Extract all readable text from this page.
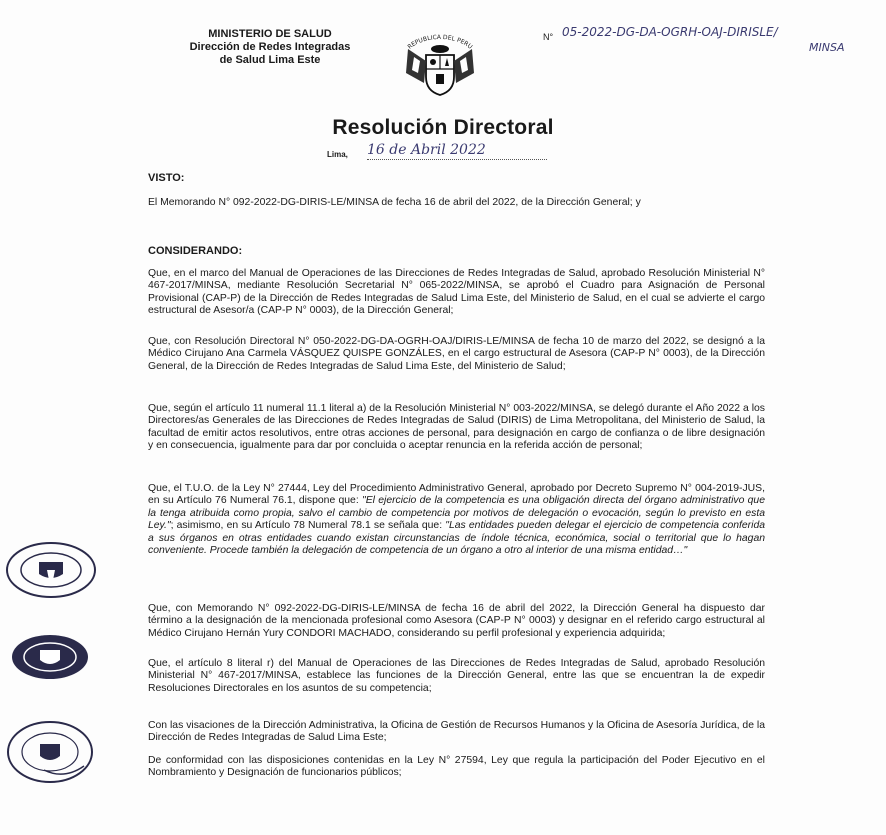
MINISTERIO DE SALUD
Dirección de Redes Integradas
de Salud Lima Este
REPUBLICA DEL PERU
N° 05-2022-DG-DA-OGRH-OAJ-DIRISLE/
MINSA
Resolución Directoral
Lima, 16 de Abril 2022
VISTO:
El Memorando N° 092-2022-DG-DIRIS-LE/MINSA de fecha 16 de abril del 2022, de la Dirección General; y
CONSIDERANDO:
Que, en el marco del Manual de Operaciones de las Direcciones de Redes Integradas de Salud, aprobado Resolución Ministerial N° 467-2017/MINSA, mediante Resolución Secretarial N° 065-2022/MINSA, se aprobó el Cuadro para Asignación de Personal Provisional (CAP-P) de la Dirección de Redes Integradas de Salud Lima Este, del Ministerio de Salud, en el cual se advierte el cargo estructural de Asesor/a (CAP-P N° 0003), de la Dirección General;
Que, con Resolución Directoral N° 050-2022-DG-DA-OGRH-OAJ/DIRIS-LE/MINSA de fecha 10 de marzo del 2022, se designó a la Médico Cirujano Ana Carmela VÁSQUEZ QUISPE GONZÁLES, en el cargo estructural de Asesora (CAP-P N° 0003), de la Dirección General, de la Dirección de Redes Integradas de Salud Lima Este, del Ministerio de Salud;
Que, según el artículo 11 numeral 11.1 literal a) de la Resolución Ministerial N° 003-2022/MINSA, se delegó durante el Año 2022 a los Directores/as Generales de las Direcciones de Redes Integradas de Salud (DIRIS) de Lima Metropolitana, del Ministerio de Salud, la facultad de emitir actos resolutivos, entre otras acciones de personal, para designación en cargo de confianza o de libre designación y en consecuencia, igualmente para dar por concluida o aceptar renuncia en la referida acción de personal;
Que, el T.U.O. de la Ley N° 27444, Ley del Procedimiento Administrativo General, aprobado por Decreto Supremo N° 004-2019-JUS, en su Artículo 76 Numeral 76.1, dispone que: "El ejercicio de la competencia es una obligación directa del órgano administrativo que la tenga atribuida como propia, salvo el cambio de competencia por motivos de delegación o evocación, según lo previsto en esta Ley."; asimismo, en su Artículo 78 Numeral 78.1 se señala que: "Las entidades pueden delegar el ejercicio de competencia conferida a sus órganos en otras entidades cuando existan circunstancias de índole técnica, económica, social o territorial que lo hagan conveniente. Procede también la delegación de competencia de un órgano a otro al interior de una misma entidad…"
Que, con Memorando N° 092-2022-DG-DIRIS-LE/MINSA de fecha 16 de abril del 2022, la Dirección General ha dispuesto dar término a la designación de la mencionada profesional como Asesora (CAP-P N° 0003) y designar en el referido cargo estructural al Médico Cirujano Hernán Yury CONDORI MACHADO, considerando su perfil profesional y experiencia adquirida;
Que, el artículo 8 literal r) del Manual de Operaciones de las Direcciones de Redes Integradas de Salud, aprobado Resolución Ministerial N° 467-2017/MINSA, establece las funciones de la Dirección General, entre las que se encuentran la de expedir Resoluciones Directorales en los asuntos de su competencia;
Con las visaciones de la Dirección Administrativa, la Oficina de Gestión de Recursos Humanos y la Oficina de Asesoría Jurídica, de la Dirección de Redes Integradas de Salud Lima Este;
De conformidad con las disposiciones contenidas en la Ley N° 27594, Ley que regula la participación del Poder Ejecutivo en el Nombramiento y Designación de funcionarios públicos;
